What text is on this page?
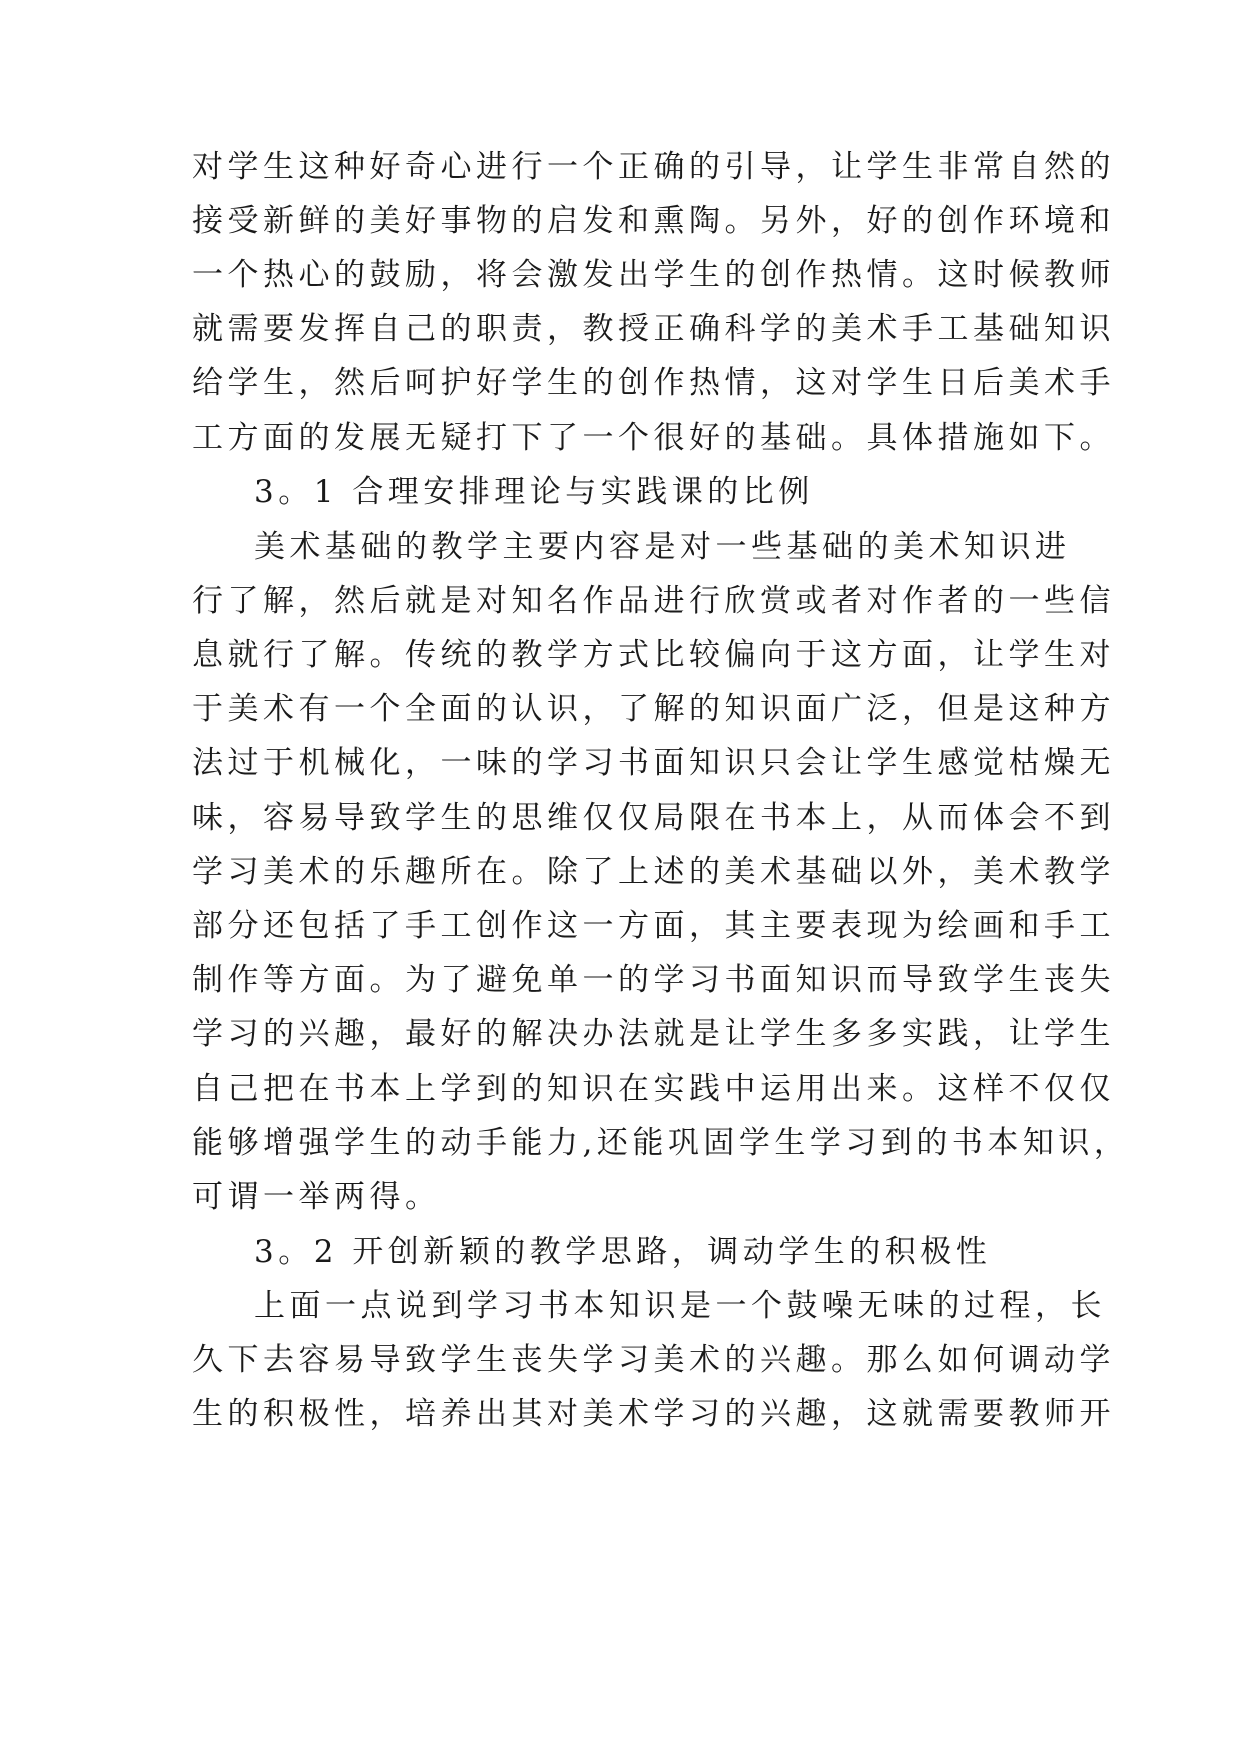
对学生这种好奇心进行一个正确的引导，让学生非常自然的
接受新鲜的美好事物的启发和熏陶。另外，好的创作环境和
一个热心的鼓励，将会激发出学生的创作热情。这时候教师
就需要发挥自己的职责，教授正确科学的美术手工基础知识
给学生，然后呵护好学生的创作热情，这对学生日后美术手
工方面的发展无疑打下了一个很好的基础。具体措施如下。
3。1 合理安排理论与实践课的比例
美术基础的教学主要内容是对一些基础的美术知识进
行了解，然后就是对知名作品进行欣赏或者对作者的一些信
息就行了解。传统的教学方式比较偏向于这方面，让学生对
于美术有一个全面的认识，了解的知识面广泛，但是这种方
法过于机械化，一味的学习书面知识只会让学生感觉枯燥无
味，容易导致学生的思维仅仅局限在书本上，从而体会不到
学习美术的乐趣所在。除了上述的美术基础以外，美术教学
部分还包括了手工创作这一方面，其主要表现为绘画和手工
制作等方面。为了避免单一的学习书面知识而导致学生丧失
学习的兴趣，最好的解决办法就是让学生多多实践，让学生
自己把在书本上学到的知识在实践中运用出来。这样不仅仅
能够增强学生的动手能力,还能巩固学生学习到的书本知识，
可谓一举两得。
3。2 开创新颖的教学思路，调动学生的积极性
上面一点说到学习书本知识是一个鼓噪无味的过程，长
久下去容易导致学生丧失学习美术的兴趣。那么如何调动学
生的积极性，培养出其对美术学习的兴趣，这就需要教师开
